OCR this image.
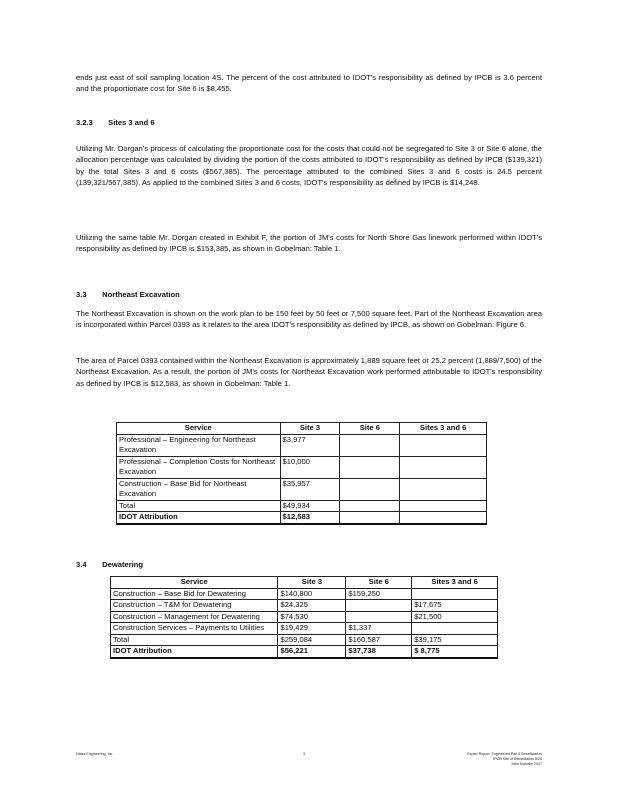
ends just east of soil sampling location 4S. The percent of the cost attributed to IDOT's responsibility as defined by IPCB is 3.6 percent and the proportionate cost for Site 6 is $8,455.
3.2.3 Sites 3 and 6
Utilizing Mr. Dorgan's process of calculating the proportionate cost for the costs that could not be segregated to Site 3 or Site 6 alone, the allocation percentage was calculated by dividing the portion of the costs attributed to IDOT's responsibility as defined by IPCB ($139,321) by the total Sites 3 and 6 costs ($567,385). The percentage attributed to the combined Sites 3 and 6 costs is 24.5 percent (139,321/567,385). As applied to the combined Sites 3 and 6 costs, IDOT's responsibility as defined by IPCB is $14,248.
Utilizing the same table Mr. Dorgan created in Exhibit F, the portion of JM's costs for North Shore Gas linework performed within IDOT's responsibility as defined by IPCB is $153,385, as shown in Gobelman: Table 1.
3.3 Northeast Excavation
The Northeast Excavation is shown on the work plan to be 150 feet by 50 feet or 7,500 square feet. Part of the Northeast Excavation area is incorporated within Parcel 0393 as it relates to the area IDOT's responsibility as defined by IPCB, as shown on Gobelman: Figure 6.
The area of Parcel 0393 contained within the Northeast Excavation is approximately 1,889 square feet or 25.2 percent (1,889/7,500) of the Northeast Excavation. As a result, the portion of JM's costs for Northeast Excavation work performed attributable to IDOT's responsibility as defined by IPCB is $12,583, as shown in Gobelman: Table 1.
Service	Site 3	Site 6	Sites 3 and 6
Professional – Engineering for Northeast Excavation	$3,977		
Professional – Completion Costs for Northeast Excavation	$10,000		
Construction – Base Bid for Northeast Excavation	$35,957		
Total	$49,934		
IDOT Attribution	$12,583		
3.4 Dewatering
Service	Site 3	Site 6	Sites 3 and 6
Construction – Base Bid for Dewatering	$140,800	$159,250	
Construction – T&M for Dewatering	$24,325		$17,675
Construction – Management for Dewatering	$74,530		$21,500
Construction Services – Payments to Utilities	$19,429	$1,337	
Total	$259,084	$160,587	$39,175
IDOT Attribution	$56,221	$37,738	$ 8,775
Hates Engineering, Inc.	3	Expert Report: Engineered Part 6 Beneficiaries
IPCB Site of Remediation 5/26
John Manville 2017
